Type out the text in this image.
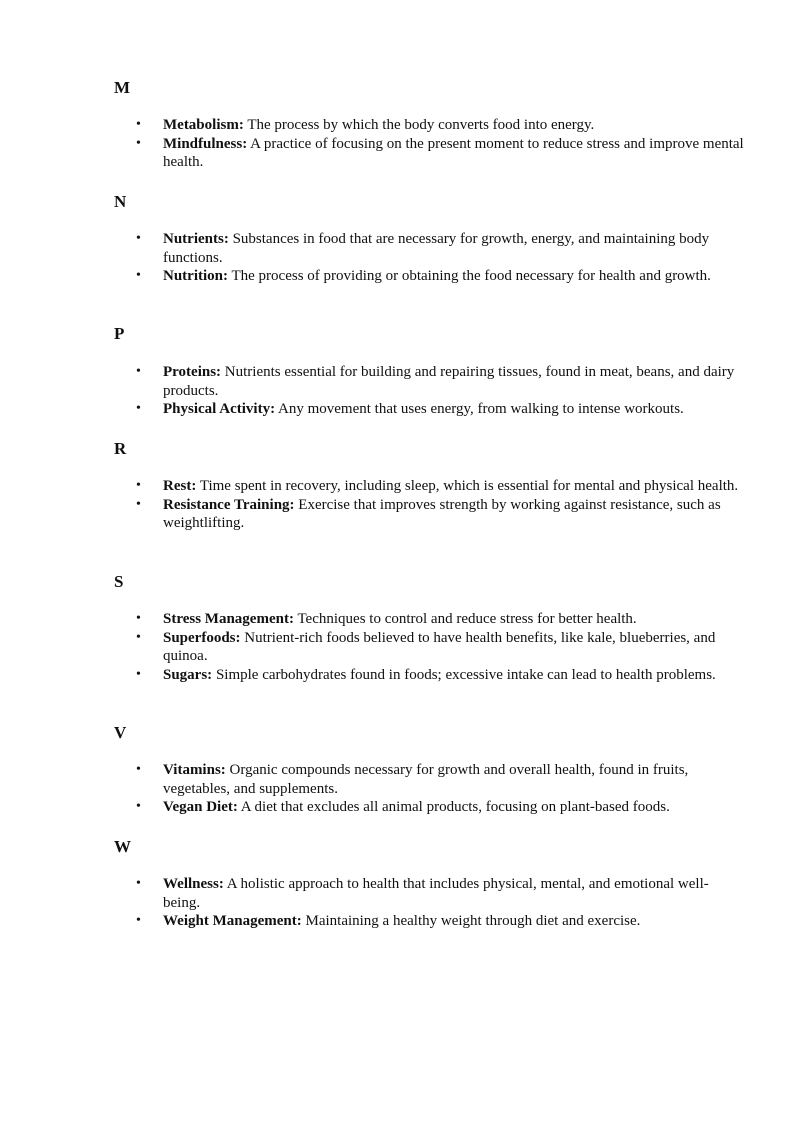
M
• Metabolism: The process by which the body converts food into energy.
• Mindfulness: A practice of focusing on the present moment to reduce stress and improve mental health.
N
• Nutrients: Substances in food that are necessary for growth, energy, and maintaining body functions.
• Nutrition: The process of providing or obtaining the food necessary for health and growth.
P
• Proteins: Nutrients essential for building and repairing tissues, found in meat, beans, and dairy products.
• Physical Activity: Any movement that uses energy, from walking to intense workouts.
R
• Rest: Time spent in recovery, including sleep, which is essential for mental and physical health.
• Resistance Training: Exercise that improves strength by working against resistance, such as weightlifting.
S
• Stress Management: Techniques to control and reduce stress for better health.
• Superfoods: Nutrient-rich foods believed to have health benefits, like kale, blueberries, and quinoa.
• Sugars: Simple carbohydrates found in foods; excessive intake can lead to health problems.
V
• Vitamins: Organic compounds necessary for growth and overall health, found in fruits, vegetables, and supplements.
• Vegan Diet: A diet that excludes all animal products, focusing on plant-based foods.
W
• Wellness: A holistic approach to health that includes physical, mental, and emotional well-being.
• Weight Management: Maintaining a healthy weight through diet and exercise.
